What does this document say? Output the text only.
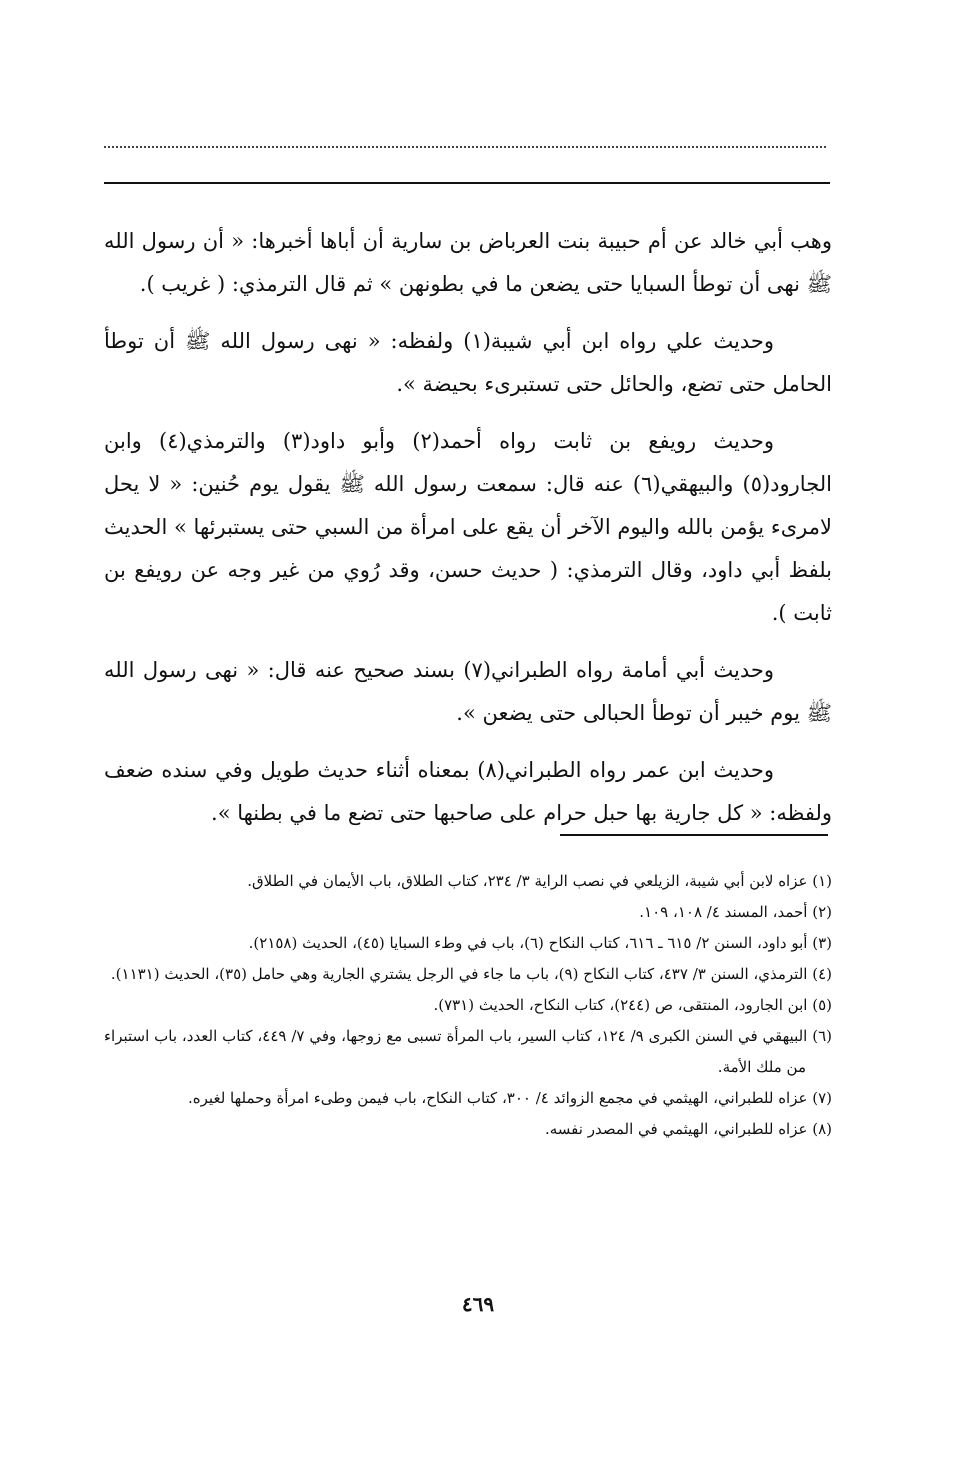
وهب أبي خالد عن أم حبيبة بنت العرباض بن سارية أن أباها أخبرها: « أن رسول الله ﷺ نهى أن توطأ السبايا حتى يضعن ما في بطونهن » ثم قال الترمذي: ( غريب ).

وحديث علي رواه ابن أبي شيبة(١) ولفظه: « نهى رسول الله ﷺ أن توطأ الحامل حتى تضع، والحائل حتى تستبرىء بحيضة ».

وحديث رويفع بن ثابت رواه أحمد(٢) وأبو داود(٣) والترمذي(٤) وابن الجارود(٥) والبيهقي(٦) عنه قال: سمعت رسول الله ﷺ يقول يوم حُنين: « لا يحل لامرىء يؤمن بالله واليوم الآخر أن يقع على امرأة من السبي حتى يستبرئها » الحديث بلفظ أبي داود، وقال الترمذي: ( حديث حسن، وقد رُوي من غير وجه عن رويفع بن ثابت ).

وحديث أبي أمامة رواه الطبراني(٧) بسند صحيح عنه قال: « نهى رسول الله ﷺ يوم خيبر أن توطأ الحبالى حتى يضعن ».

وحديث ابن عمر رواه الطبراني(٨) بمعناه أثناء حديث طويل وفي سنده ضعف ولفظه: « كل جارية بها حبل حرام على صاحبها حتى تضع ما في بطنها ».

(١) عزاه لابن أبي شيبة، الزيلعي في نصب الراية ٣/ ٢٣٤، كتاب الطلاق، باب الأيمان في الطلاق.

(٢) أحمد، المسند ٤/ ١٠٨، ١٠٩.

(٣) أبو داود، السنن ٢/ ٦١٥ ـ ٦١٦، كتاب النكاح (٦)، باب في وطء السبايا (٤٥)، الحديث (٢١٥٨).

(٤) الترمذي، السنن ٣/ ٤٣٧، كتاب النكاح (٩)، باب ما جاء في الرجل يشتري الجارية وهي حامل (٣٥)، الحديث (١١٣١).

(٥) ابن الجارود، المنتقى، ص (٢٤٤)، كتاب النكاح، الحديث (٧٣١).

(٦) البيهقي في السنن الكبرى ٩/ ١٢٤، كتاب السير، باب المرأة تسبى مع زوجها، وفي ٧/ ٤٤٩، كتاب العدد، باب استبراء من ملك الأمة.

(٧) عزاه للطبراني، الهيثمي في مجمع الزوائد ٤/ ٣٠٠، كتاب النكاح، باب فيمن وطىء امرأة وحملها لغيره.

(٨) عزاه للطبراني، الهيثمي في المصدر نفسه.

٤٦٩
